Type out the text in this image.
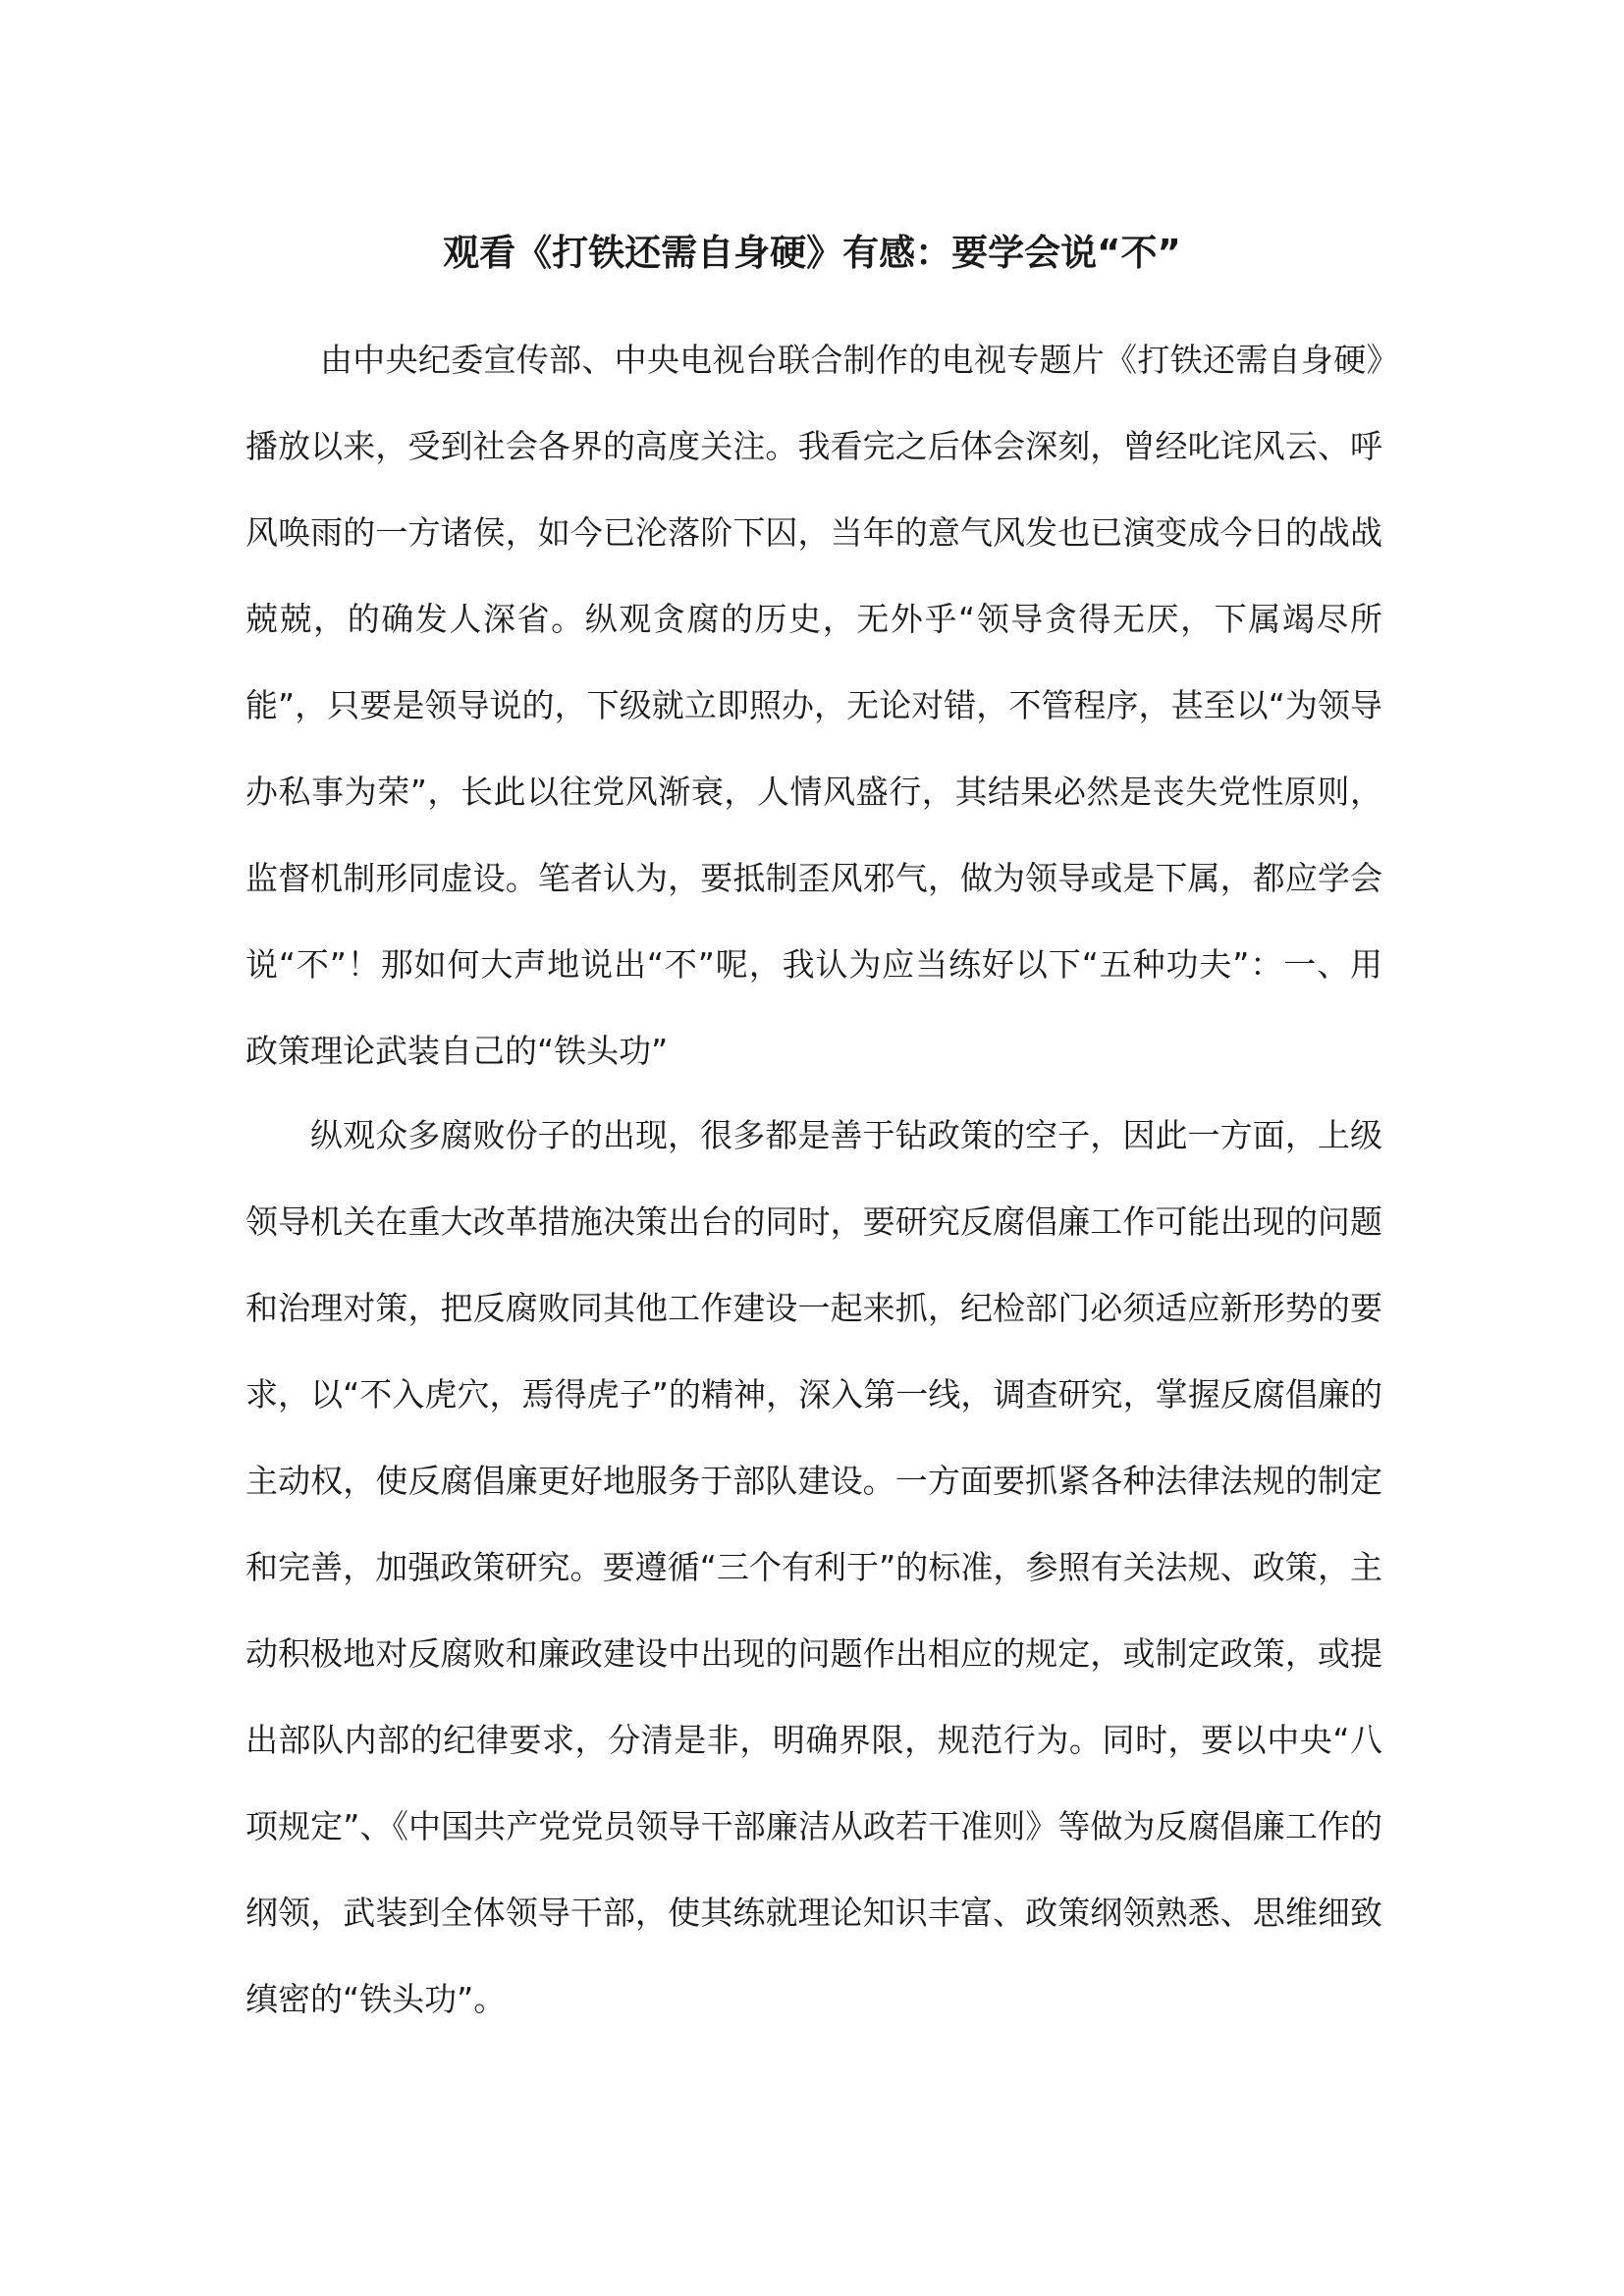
观看《打铁还需自身硬》有感：要学会说“不”

由中央纪委宣传部、中央电视台联合制作的电视专题片《打铁还需自身硬》播放以来，受到社会各界的高度关注。我看完之后体会深刻，曾经叱诧风云、呼风唤雨的一方诸侯，如今已沦落阶下囚，当年的意气风发也已演变成今日的战战兢兢，的确发人深省。纵观贪腐的历史，无外乎“领导贪得无厌，下属竭尽所能”，只要是领导说的，下级就立即照办，无论对错，不管程序，甚至以“为领导办私事为荣”，长此以往党风渐衰，人情风盛行，其结果必然是丧失党性原则，监督机制形同虚设。笔者认为，要抵制歪风邪气，做为领导或是下属，都应学会说“不”！那如何大声地说出“不”呢，我认为应当练好以下“五种功夫”：一、用政策理论武装自己的“铁头功”

纵观众多腐败份子的出现，很多都是善于钻政策的空子，因此一方面，上级领导机关在重大改革措施决策出台的同时，要研究反腐倡廉工作可能出现的问题和治理对策，把反腐败同其他工作建设一起来抓，纪检部门必须适应新形势的要求，以“不入虎穴，焉得虎子”的精神，深入第一线，调查研究，掌握反腐倡廉的主动权，使反腐倡廉更好地服务于部队建设。一方面要抓紧各种法律法规的制定和完善，加强政策研究。要遵循“三个有利于”的标准，参照有关法规、政策，主动积极地对反腐败和廉政建设中出现的问题作出相应的规定，或制定政策，或提出部队内部的纪律要求，分清是非，明确界限，规范行为。同时，要以中央“八项规定”、《中国共产党党员领导干部廉洁从政若干准则》等做为反腐倡廉工作的纲领，武装到全体领导干部，使其练就理论知识丰富、政策纲领熟悉、思维细致缜密的“铁头功”。
